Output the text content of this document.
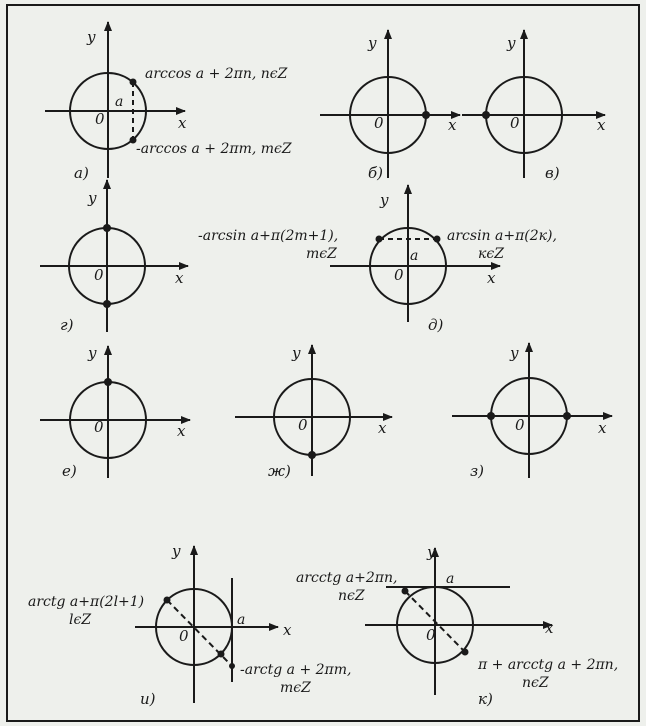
y
x
0
a
arccos a + 2πn, nєZ
-arccos a + 2πm, mєZ
а)
y
x
0
б)
y
x
0
в)
y
x
0
г)
y
x
0
a
-arcsin a+π(2m+1),
mєZ
arcsin a+π(2к),
кєZ
д)
y
x
0
е)
y
x
0
ж)
y
x
0
з)
y
x
0
a
arctg a+π(2l+1)
lєZ
-arctg a + 2πm,
mєZ
и)
y
x
0
a
arcctg a+2πn,
nєZ
π + arcctg a + 2πn,
nєZ
к)
